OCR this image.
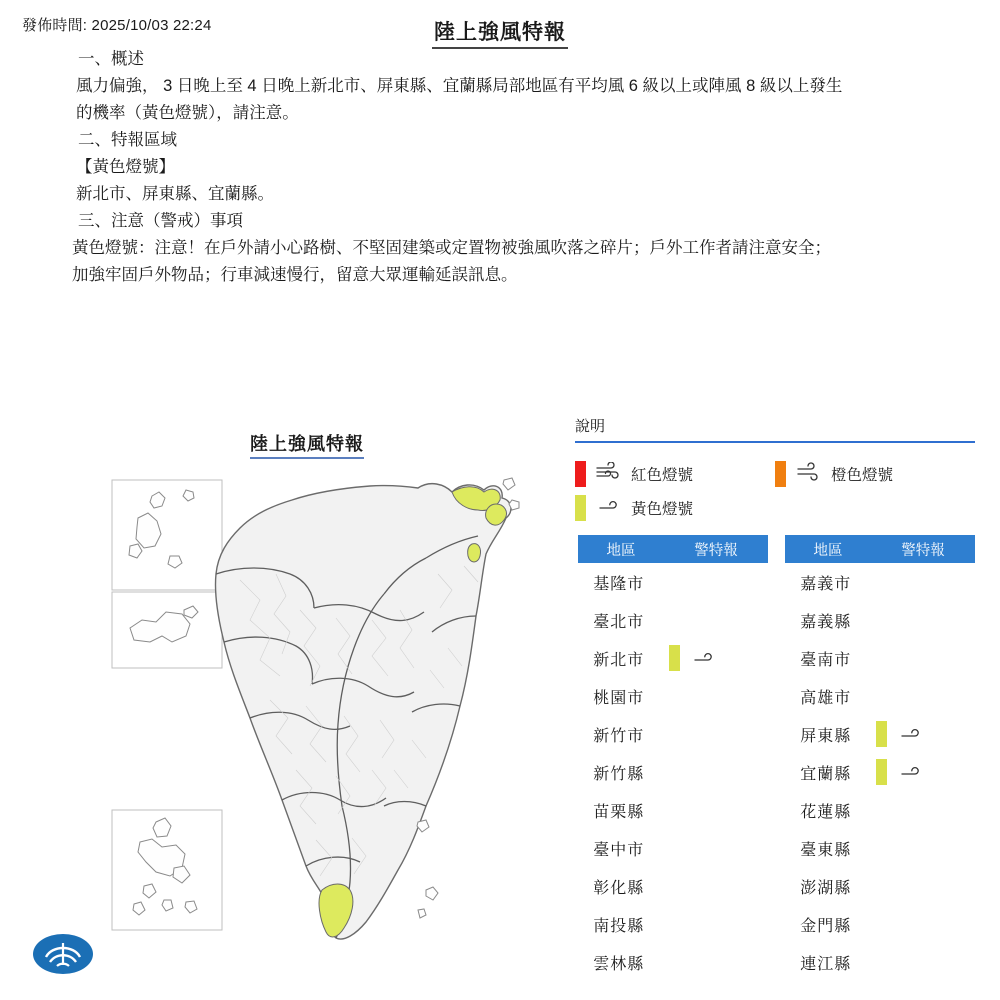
發佈時間: 2025/10/03 22:24	陸上強風特報
一、概述
風力偏強， 3 日晚上至 4 日晚上新北市、屏東縣、宜蘭縣局部地區有平均風 6 級以上或陣風 8 級以上發生
的機率（黃色燈號），請注意。
二、特報區域
【黃色燈號】
新北市、屏東縣、宜蘭縣。
三、注意（警戒）事項
黃色燈號：注意！在戶外請小心路樹、不堅固建築或定置物被強風吹落之碎片；戶外工作者請注意安全；
加強牢固戶外物品；行車減速慢行，留意大眾運輸延誤訊息。
陸上強風特報
說明
紅色燈號	橙色燈號
黃色燈號
地區	警特報
基隆市
臺北市
新北市
桃園市
新竹市
新竹縣
苗栗縣
臺中市
彰化縣
南投縣
雲林縣
地區	警特報
嘉義市
嘉義縣
臺南市
高雄市
屏東縣
宜蘭縣
花蓮縣
臺東縣
澎湖縣
金門縣
連江縣
